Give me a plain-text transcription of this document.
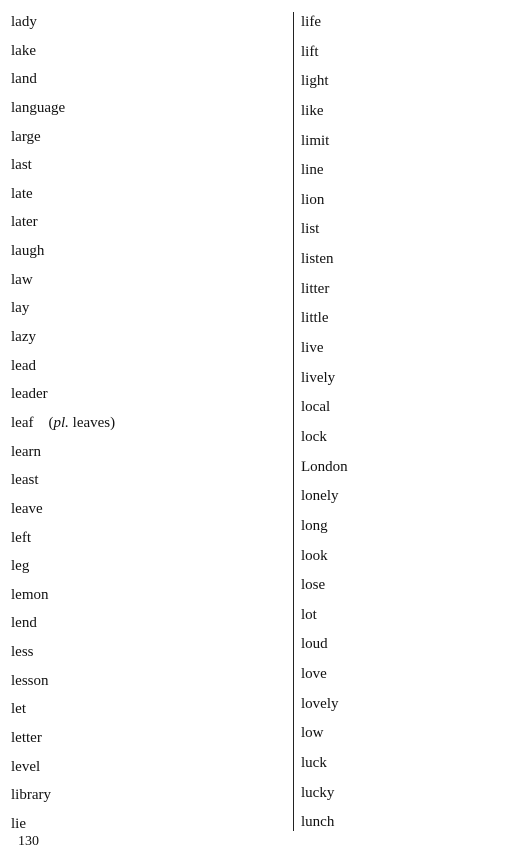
lady
lake
land
language
large
last
late
later
laugh
law
lay
lazy
lead
leader
leaf　(pl. leaves)
learn
least
leave
left
leg
lemon
lend
less
lesson
let
letter
level
library
lie
life
lift
light
like
limit
line
lion
list
listen
litter
little
live
lively
local
lock
London
lonely
long
look
lose
lot
loud
love
lovely
low
luck
lucky
lunch
130
